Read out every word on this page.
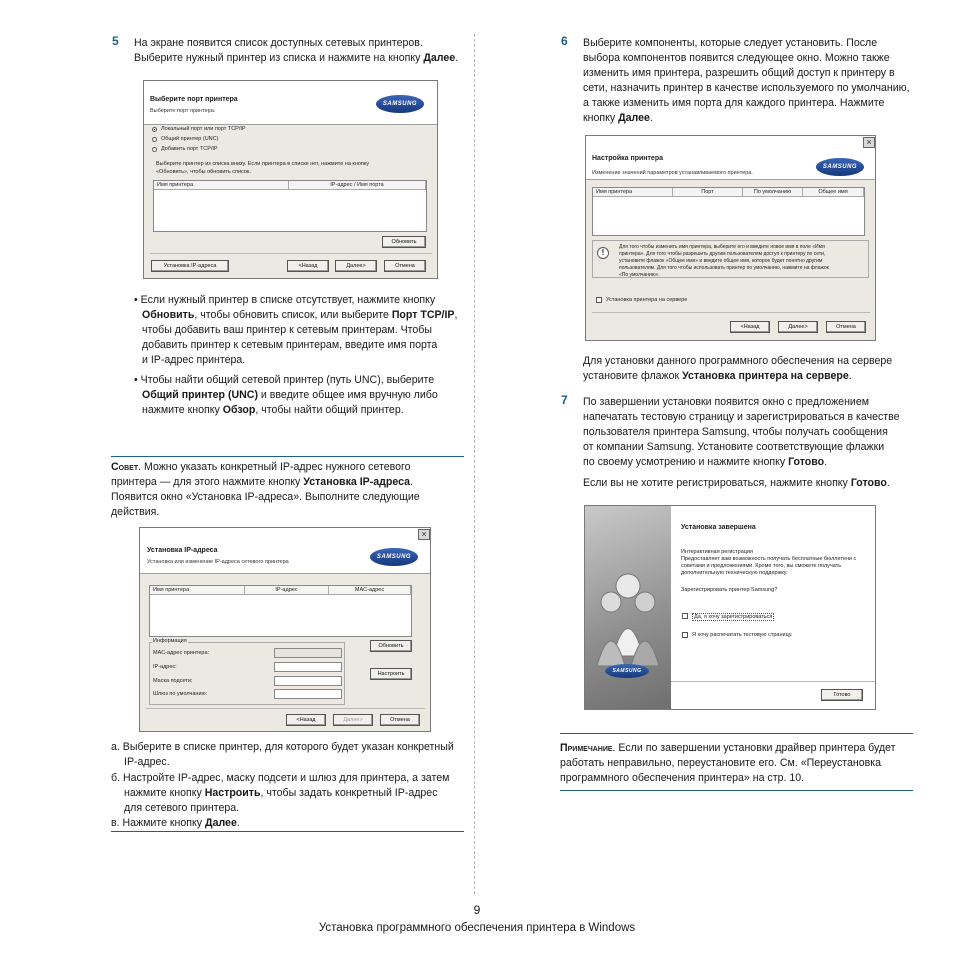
5 На экране появится список доступных сетевых принтеров.
Выберите нужный принтер из списка и нажмите на кнопку Далее.
Выберите порт принтера
Выберите порт принтера.
SAMSUNG
Локальный порт или порт TCP/IP
Общий принтер (UNC)
Добавить порт TCP/IP
Выберите принтер из списка внизу. Если принтера в списке нет, нажмите на кнопку
«Обновить», чтобы обновить список.
Имя принтера	IP-адрес / Имя порта
Обновить
Установка IP-адреса	<Назад	Далее>	Отмена
• Если нужный принтер в списке отсутствует, нажмите кнопку
Обновить, чтобы обновить список, или выберите Порт TCP/IP,
чтобы добавить ваш принтер к сетевым принтерам. Чтобы
добавить принтер к сетевым принтерам, введите имя порта
и IP-адрес принтера.
• Чтобы найти общий сетевой принтер (путь UNC), выберите
Общий принтер (UNC) и введите общее имя вручную либо
нажмите кнопку Обзор, чтобы найти общий принтер.
Совет. Можно указать конкретный IP-адрес нужного сетевого
принтера — для этого нажмите кнопку Установка IP-адреса.
Появится окно «Установка IP-адреса». Выполните следующие
действия.
×
Установка IP-адреса
Установка или изменение IP-адреса сетевого принтера
SAMSUNG
Имя принтера	IP-адрес	MAC-адрес
Информация
MAC-адрес принтера:
IP-адрес:
Маска подсети:
Шлюз по умолчанию:
Обновить
Настроить
<Назад	Далее>	Отмена
а. Выберите в списке принтер, для которого будет указан конкретный
IP-адрес.
б. Настройте IP-адрес, маску подсети и шлюз для принтера, а затем
нажмите кнопку Настроить, чтобы задать конкретный IP-адрес
для сетевого принтера.
в. Нажмите кнопку Далее.
6 Выберите компоненты, которые следует установить. После
выбора компонентов появится следующее окно. Можно также
изменить имя принтера, разрешить общий доступ к принтеру в
сети, назначить принтер в качестве используемого по умолчанию,
а также изменить имя порта для каждого принтера. Нажмите
кнопку Далее.
×
Настройка принтера
Изменение значений параметров устанавливаемого принтера.
SAMSUNG
Имя принтера	Порт	По умолчанию	Общее имя
!
Для того чтобы изменить имя принтера, выберите его и введите новое имя в поле «Имя
принтера». Для того чтобы разрешить другим пользователям доступ к принтеру по сети,
установите флажок «Общее имя» и введите общее имя, которое будет понятно другим
пользователям. Для того чтобы использовать принтер по умолчанию, нажмите на флажок
«По умолчанию».
Установка принтера на сервере
<Назад	Далее>	Отмена
Для установки данного программного обеспечения на сервере
установите флажок Установка принтера на сервере.
7 По завершении установки появится окно с предложением
напечатать тестовую страницу и зарегистрироваться в качестве
пользователя принтера Samsung, чтобы получать сообщения
от компании Samsung. Установите соответствующие флажки
по своему усмотрению и нажмите кнопку Готово.
Если вы не хотите регистрироваться, нажмите кнопку Готово.
SAMSUNG
Установка завершена
Интерактивная регистрация
Предоставляет вам возможность получать бесплатные бюллетени с
советами и предложениями. Кроме того, вы сможете получать
дополнительную техническую поддержку.
Зарегистрировать принтер Samsung?
Да, я хочу зарегистрироваться
Я хочу распечатать тестовую страницу.
Готово
Примечание. Если по завершении установки драйвер принтера будет
работать неправильно, переустановите его. См. «Переустановка
программного обеспечения принтера» на стр. 10.
9
Установка программного обеспечения принтера в Windows
